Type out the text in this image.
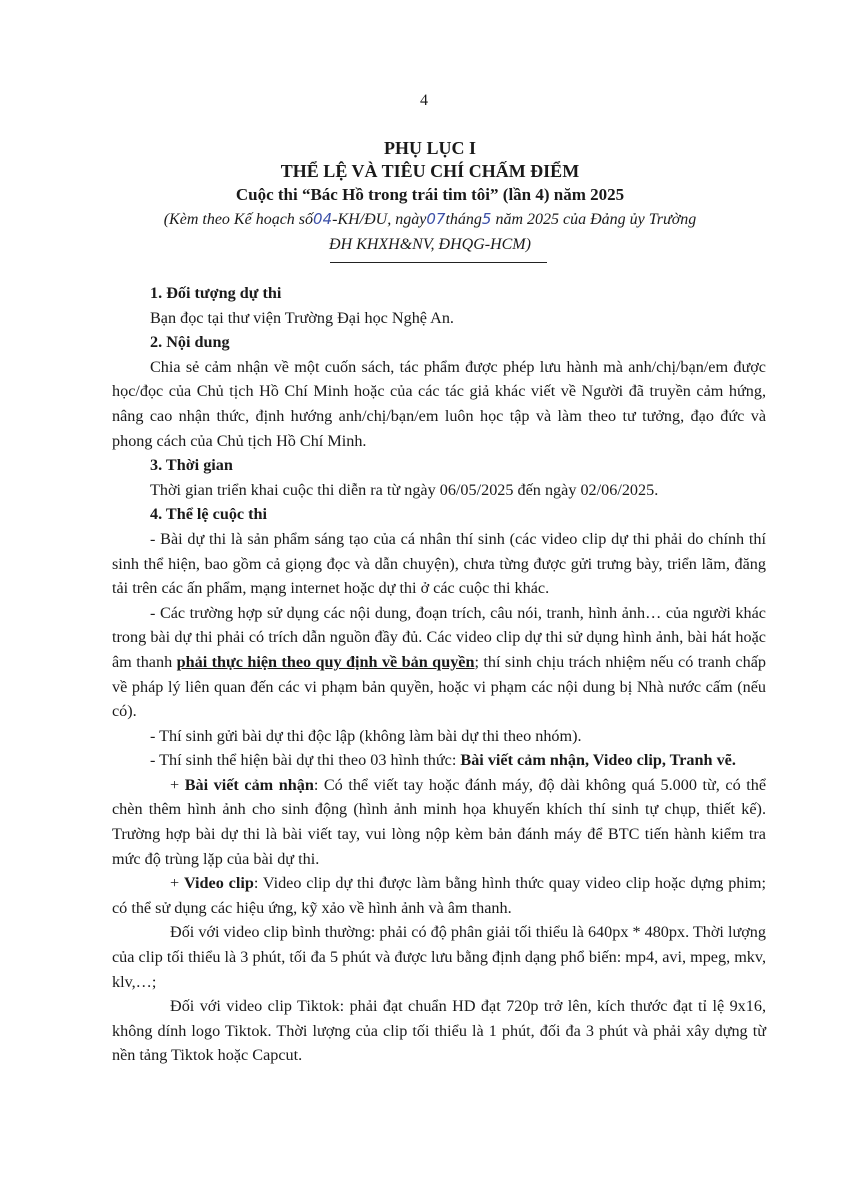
4
PHỤ LỤC I
THỂ LỆ VÀ TIÊU CHÍ CHẤM ĐIỂM
Cuộc thi “Bác Hồ trong trái tim tôi” (lần 4) năm 2025
(Kèm theo Kế hoạch số04-KH/ĐU, ngày07tháng5 năm 2025 của Đảng ủy Trường
ĐH KHXH&NV, ĐHQG-HCM)

1. Đối tượng dự thi

Bạn đọc tại thư viện Trường Đại học Nghệ An.

2. Nội dung

Chia sẻ cảm nhận về một cuốn sách, tác phẩm được phép lưu hành mà anh/chị/bạn/em được học/đọc của Chủ tịch Hồ Chí Minh hoặc của các tác giả khác viết về Người đã truyền cảm hứng, nâng cao nhận thức, định hướng anh/chị/bạn/em luôn học tập và làm theo tư tưởng, đạo đức và phong cách của Chủ tịch Hồ Chí Minh.

3. Thời gian

Thời gian triển khai cuộc thi diễn ra từ ngày 06/05/2025 đến ngày 02/06/2025.

4. Thể lệ cuộc thi

- Bài dự thi là sản phẩm sáng tạo của cá nhân thí sinh (các video clip dự thi phải do chính thí sinh thể hiện, bao gồm cả giọng đọc và dẫn chuyện), chưa từng được gửi trưng bày, triển lãm, đăng tải trên các ấn phẩm, mạng internet hoặc dự thi ở các cuộc thi khác.

- Các trường hợp sử dụng các nội dung, đoạn trích, câu nói, tranh, hình ảnh… của người khác trong bài dự thi phải có trích dẫn nguồn đầy đủ. Các video clip dự thi sử dụng hình ảnh, bài hát hoặc âm thanh phải thực hiện theo quy định về bản quyền; thí sinh chịu trách nhiệm nếu có tranh chấp về pháp lý liên quan đến các vi phạm bản quyền, hoặc vi phạm các nội dung bị Nhà nước cấm (nếu có).

- Thí sinh gửi bài dự thi độc lập (không làm bài dự thi theo nhóm).

- Thí sinh thể hiện bài dự thi theo 03 hình thức: Bài viết cảm nhận, Video clip, Tranh vẽ.

+ Bài viết cảm nhận: Có thể viết tay hoặc đánh máy, độ dài không quá 5.000 từ, có thể chèn thêm hình ảnh cho sinh động (hình ảnh minh họa khuyến khích thí sinh tự chụp, thiết kế). Trường hợp bài dự thi là bài viết tay, vui lòng nộp kèm bản đánh máy để BTC tiến hành kiểm tra mức độ trùng lặp của bài dự thi.

+ Video clip: Video clip dự thi được làm bằng hình thức quay video clip hoặc dựng phim; có thể sử dụng các hiệu ứng, kỹ xảo về hình ảnh và âm thanh.

Đối với video clip bình thường: phải có độ phân giải tối thiểu là 640px * 480px. Thời lượng của clip tối thiểu là 3 phút, tối đa 5 phút và được lưu bằng định dạng phổ biến: mp4, avi, mpeg, mkv, klv,…;

Đối với video clip Tiktok: phải đạt chuẩn HD đạt 720p trở lên, kích thước đạt tỉ lệ 9x16, không dính logo Tiktok. Thời lượng của clip tối thiểu là 1 phút, đối đa 3 phút và phải xây dựng từ nền tảng Tiktok hoặc Capcut.
